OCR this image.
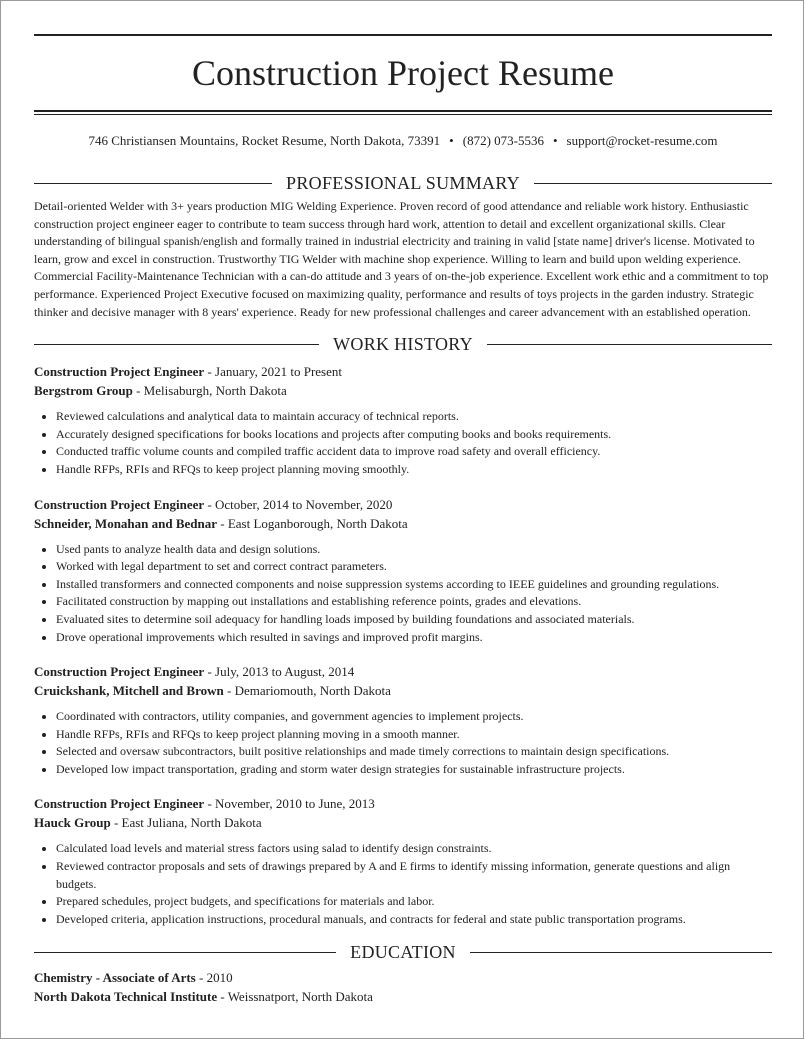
Construction Project Resume
746 Christiansen Mountains, Rocket Resume, North Dakota, 73391 • (872) 073-5536 • support@rocket-resume.com
PROFESSIONAL SUMMARY
Detail-oriented Welder with 3+ years production MIG Welding Experience. Proven record of good attendance and reliable work history. Enthusiastic construction project engineer eager to contribute to team success through hard work, attention to detail and excellent organizational skills. Clear understanding of bilingual spanish/english and formally trained in industrial electricity and training in valid [state name] driver's license. Motivated to learn, grow and excel in construction. Trustworthy TIG Welder with machine shop experience. Willing to learn and build upon welding experience. Commercial Facility-Maintenance Technician with a can-do attitude and 3 years of on-the-job experience. Excellent work ethic and a commitment to top performance. Experienced Project Executive focused on maximizing quality, performance and results of toys projects in the garden industry. Strategic thinker and decisive manager with 8 years' experience. Ready for new professional challenges and career advancement with an established operation.
WORK HISTORY
Construction Project Engineer - January, 2021 to Present
Bergstrom Group - Melisaburgh, North Dakota
• Reviewed calculations and analytical data to maintain accuracy of technical reports.
• Accurately designed specifications for books locations and projects after computing books and books requirements.
• Conducted traffic volume counts and compiled traffic accident data to improve road safety and overall efficiency.
• Handle RFPs, RFIs and RFQs to keep project planning moving smoothly.
Construction Project Engineer - October, 2014 to November, 2020
Schneider, Monahan and Bednar - East Loganborough, North Dakota
• Used pants to analyze health data and design solutions.
• Worked with legal department to set and correct contract parameters.
• Installed transformers and connected components and noise suppression systems according to IEEE guidelines and grounding regulations.
• Facilitated construction by mapping out installations and establishing reference points, grades and elevations.
• Evaluated sites to determine soil adequacy for handling loads imposed by building foundations and associated materials.
• Drove operational improvements which resulted in savings and improved profit margins.
Construction Project Engineer - July, 2013 to August, 2014
Cruickshank, Mitchell and Brown - Demariomouth, North Dakota
• Coordinated with contractors, utility companies, and government agencies to implement projects.
• Handle RFPs, RFIs and RFQs to keep project planning moving in a smooth manner.
• Selected and oversaw subcontractors, built positive relationships and made timely corrections to maintain design specifications.
• Developed low impact transportation, grading and storm water design strategies for sustainable infrastructure projects.
Construction Project Engineer - November, 2010 to June, 2013
Hauck Group - East Juliana, North Dakota
• Calculated load levels and material stress factors using salad to identify design constraints.
• Reviewed contractor proposals and sets of drawings prepared by A and E firms to identify missing information, generate questions and align budgets.
• Prepared schedules, project budgets, and specifications for materials and labor.
• Developed criteria, application instructions, procedural manuals, and contracts for federal and state public transportation programs.
EDUCATION
Chemistry - Associate of Arts - 2010
North Dakota Technical Institute - Weissnatport, North Dakota
